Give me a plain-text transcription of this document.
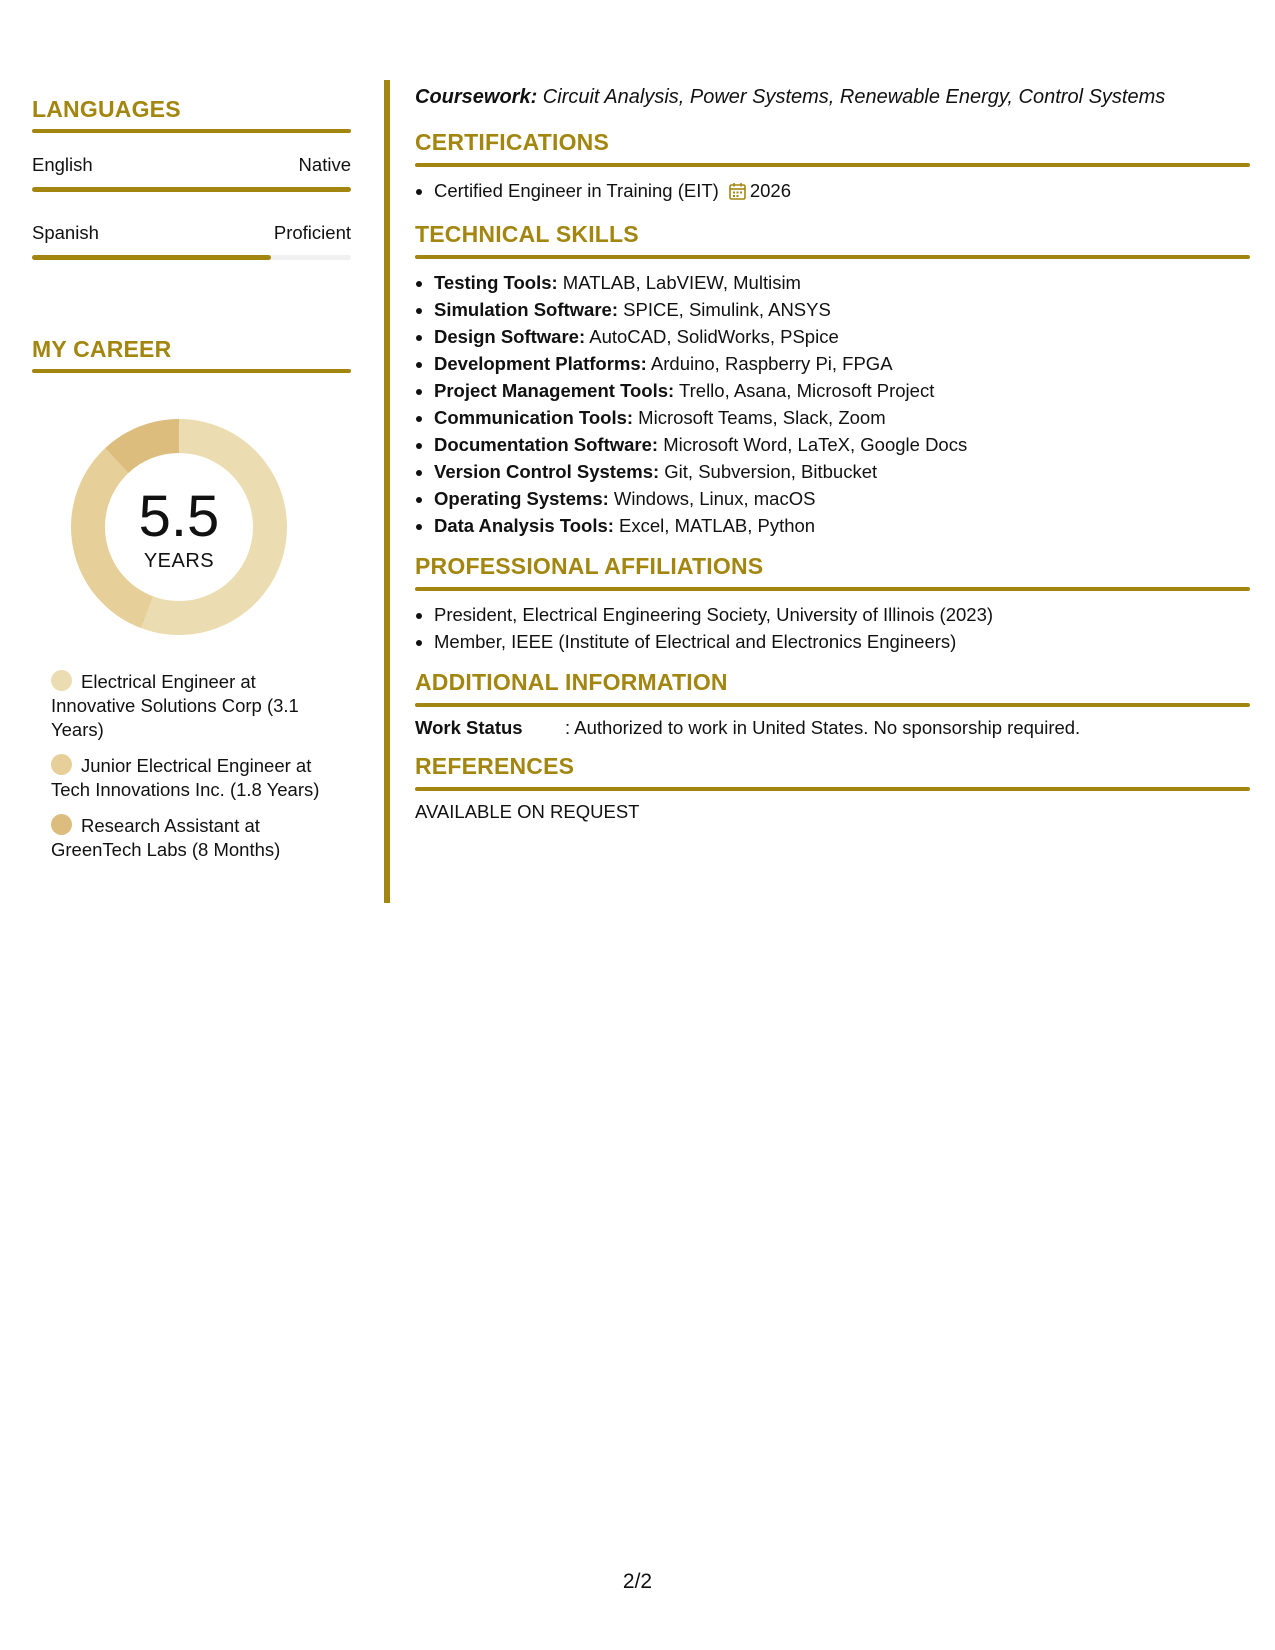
LANGUAGES
English	Native
Spanish	Proficient
MY CAREER
5.5
YEARS
Electrical Engineer at Innovative Solutions Corp (3.1 Years)
Junior Electrical Engineer at Tech Innovations Inc. (1.8 Years)
Research Assistant at GreenTech Labs (8 Months)
Coursework: Circuit Analysis, Power Systems, Renewable Energy, Control Systems
CERTIFICATIONS
• Certified Engineer in Training (EIT) 2026
TECHNICAL SKILLS
• Testing Tools: MATLAB, LabVIEW, Multisim
• Simulation Software: SPICE, Simulink, ANSYS
• Design Software: AutoCAD, SolidWorks, PSpice
• Development Platforms: Arduino, Raspberry Pi, FPGA
• Project Management Tools: Trello, Asana, Microsoft Project
• Communication Tools: Microsoft Teams, Slack, Zoom
• Documentation Software: Microsoft Word, LaTeX, Google Docs
• Version Control Systems: Git, Subversion, Bitbucket
• Operating Systems: Windows, Linux, macOS
• Data Analysis Tools: Excel, MATLAB, Python
PROFESSIONAL AFFILIATIONS
• President, Electrical Engineering Society, University of Illinois (2023)
• Member, IEEE (Institute of Electrical and Electronics Engineers)
ADDITIONAL INFORMATION
Work Status	: Authorized to work in United States. No sponsorship required.
REFERENCES
AVAILABLE ON REQUEST
2/2
